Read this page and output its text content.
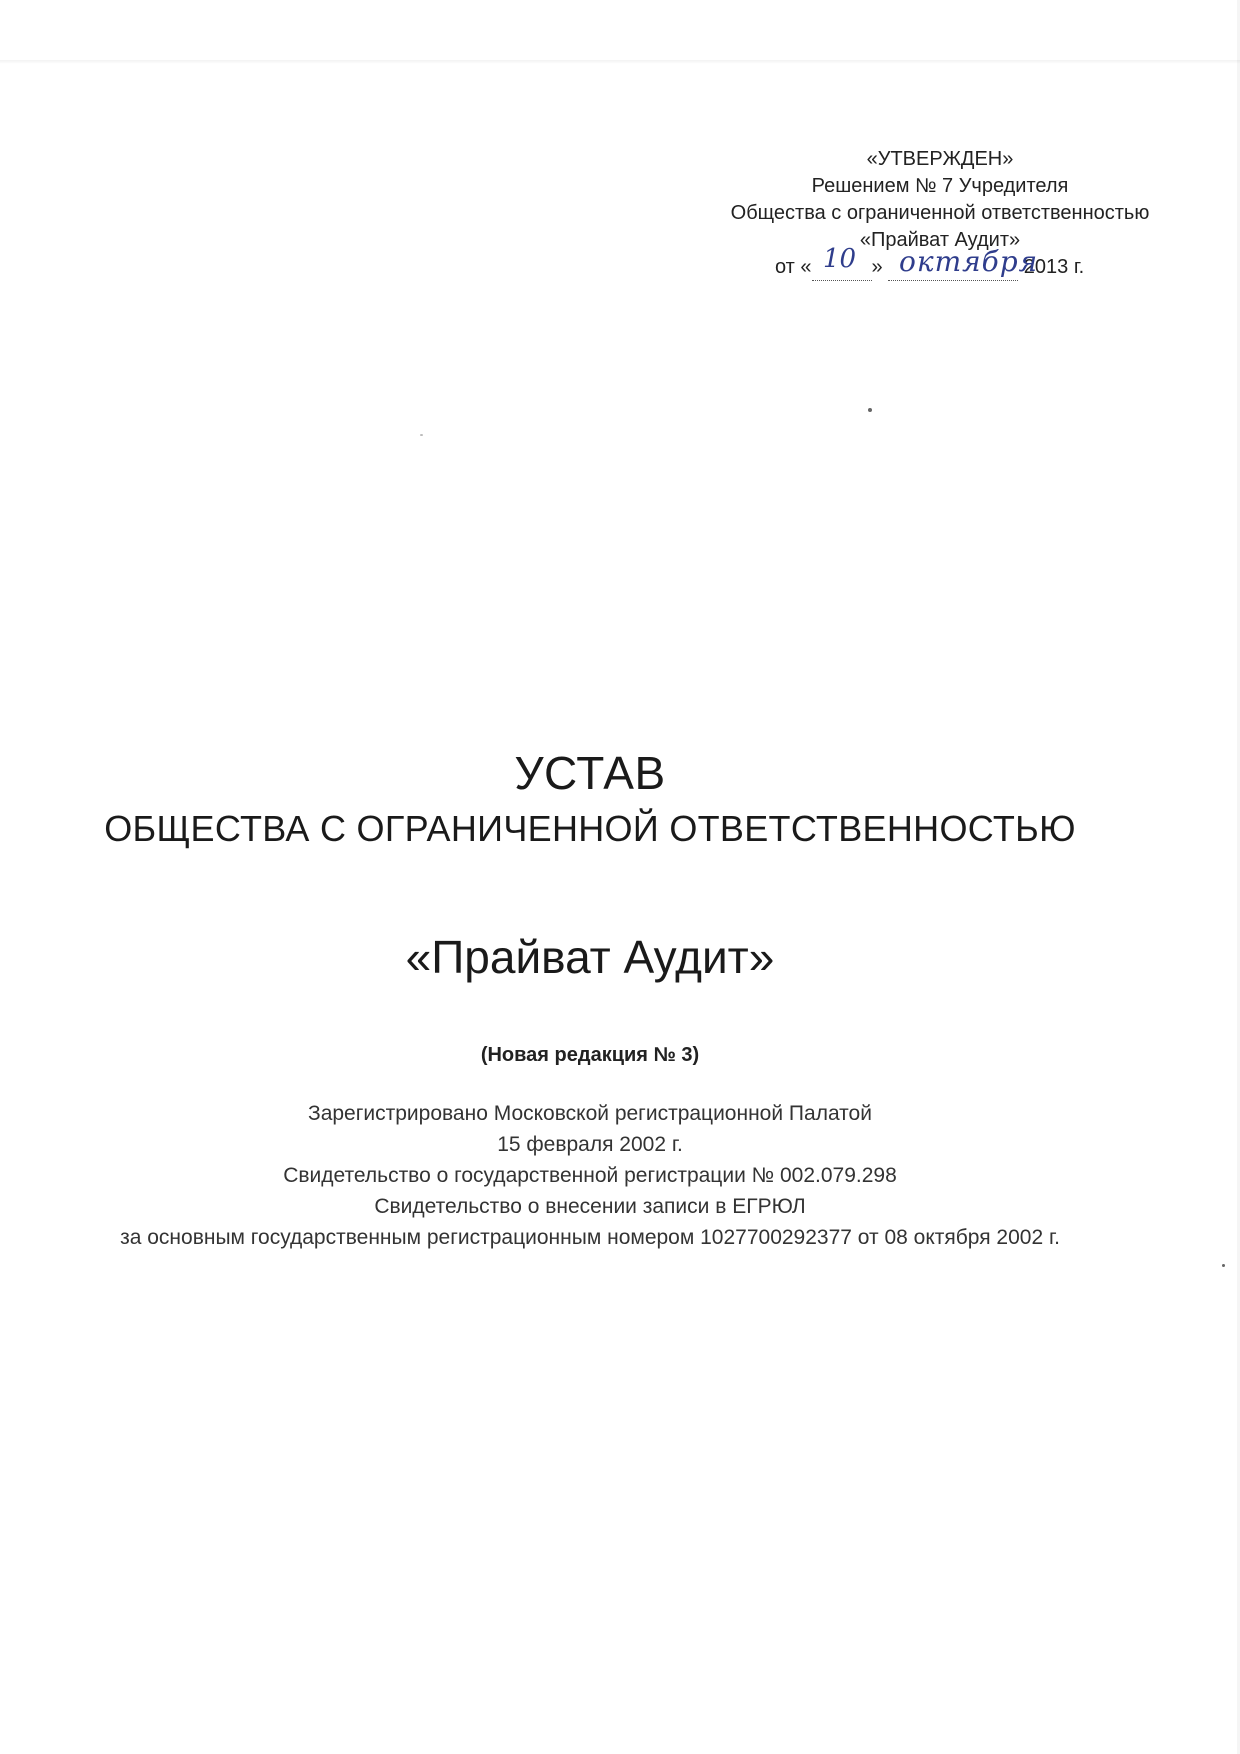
«УТВЕРЖДЕН»
Решением № 7 Учредителя
Общества с ограниченной ответственностью
«Прайват Аудит»
от «	»	2013 г.
10 октября
УСТАВ
ОБЩЕСТВА С ОГРАНИЧЕННОЙ ОТВЕТСТВЕННОСТЬЮ
«Прайват Аудит»
(Новая редакция № 3)
Зарегистрировано Московской регистрационной Палатой
15 февраля 2002 г.
Свидетельство о государственной регистрации № 002.079.298
Свидетельство о внесении записи в ЕГРЮЛ
за основным государственным регистрационным номером 1027700292377 от 08 октября 2002 г.
